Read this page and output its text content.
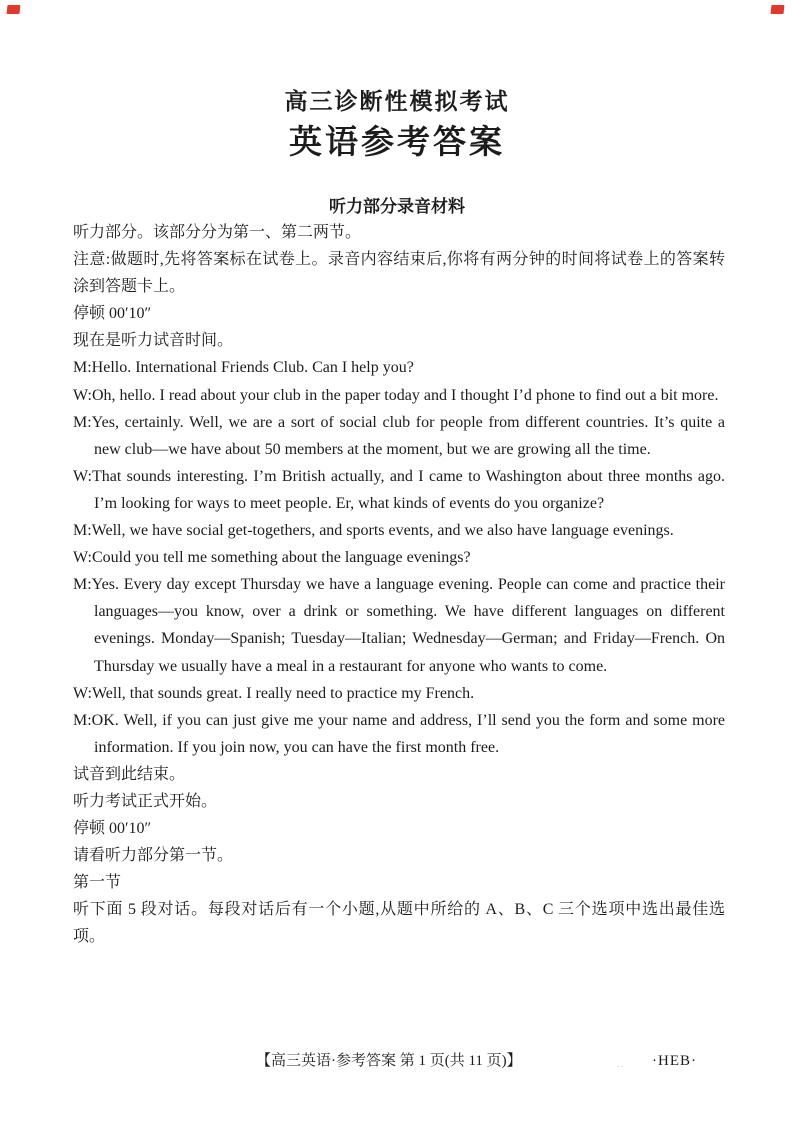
高三诊断性模拟考试
英语参考答案
听力部分录音材料

听力部分。该部分分为第一、第二两节。

注意:做题时,先将答案标在试卷上。录音内容结束后,你将有两分钟的时间将试卷上的答案转涂到答题卡上。

停顿 00′10″

现在是听力试音时间。

M:Hello. International Friends Club. Can I help you?

W:Oh, hello. I read about your club in the paper today and I thought I’d phone to find out a bit more.

M:Yes, certainly. Well, we are a sort of social club for people from different countries. It’s quite a new club—we have about 50 members at the moment, but we are growing all the time.

W:That sounds interesting. I’m British actually, and I came to Washington about three months ago. I’m looking for ways to meet people. Er, what kinds of events do you organize?

M:Well, we have social get-togethers, and sports events, and we also have language evenings.

W:Could you tell me something about the language evenings?

M:Yes. Every day except Thursday we have a language evening. People can come and practice their languages—you know, over a drink or something. We have different languages on different evenings. Monday—Spanish; Tuesday—Italian; Wednesday—German; and Friday—French. On Thursday we usually have a meal in a restaurant for anyone who wants to come.

W:Well, that sounds great. I really need to practice my French.

M:OK. Well, if you can just give me your name and address, I’ll send you the form and some more information. If you join now, you can have the first month free.

试音到此结束。

听力考试正式开始。

停顿 00′10″

请看听力部分第一节。

第一节

听下面 5 段对话。每段对话后有一个小题,从题中所给的 A、B、C 三个选项中选出最佳选项。

【高三英语·参考答案 第 1 页(共 11 页)】	.. ·HEB·
